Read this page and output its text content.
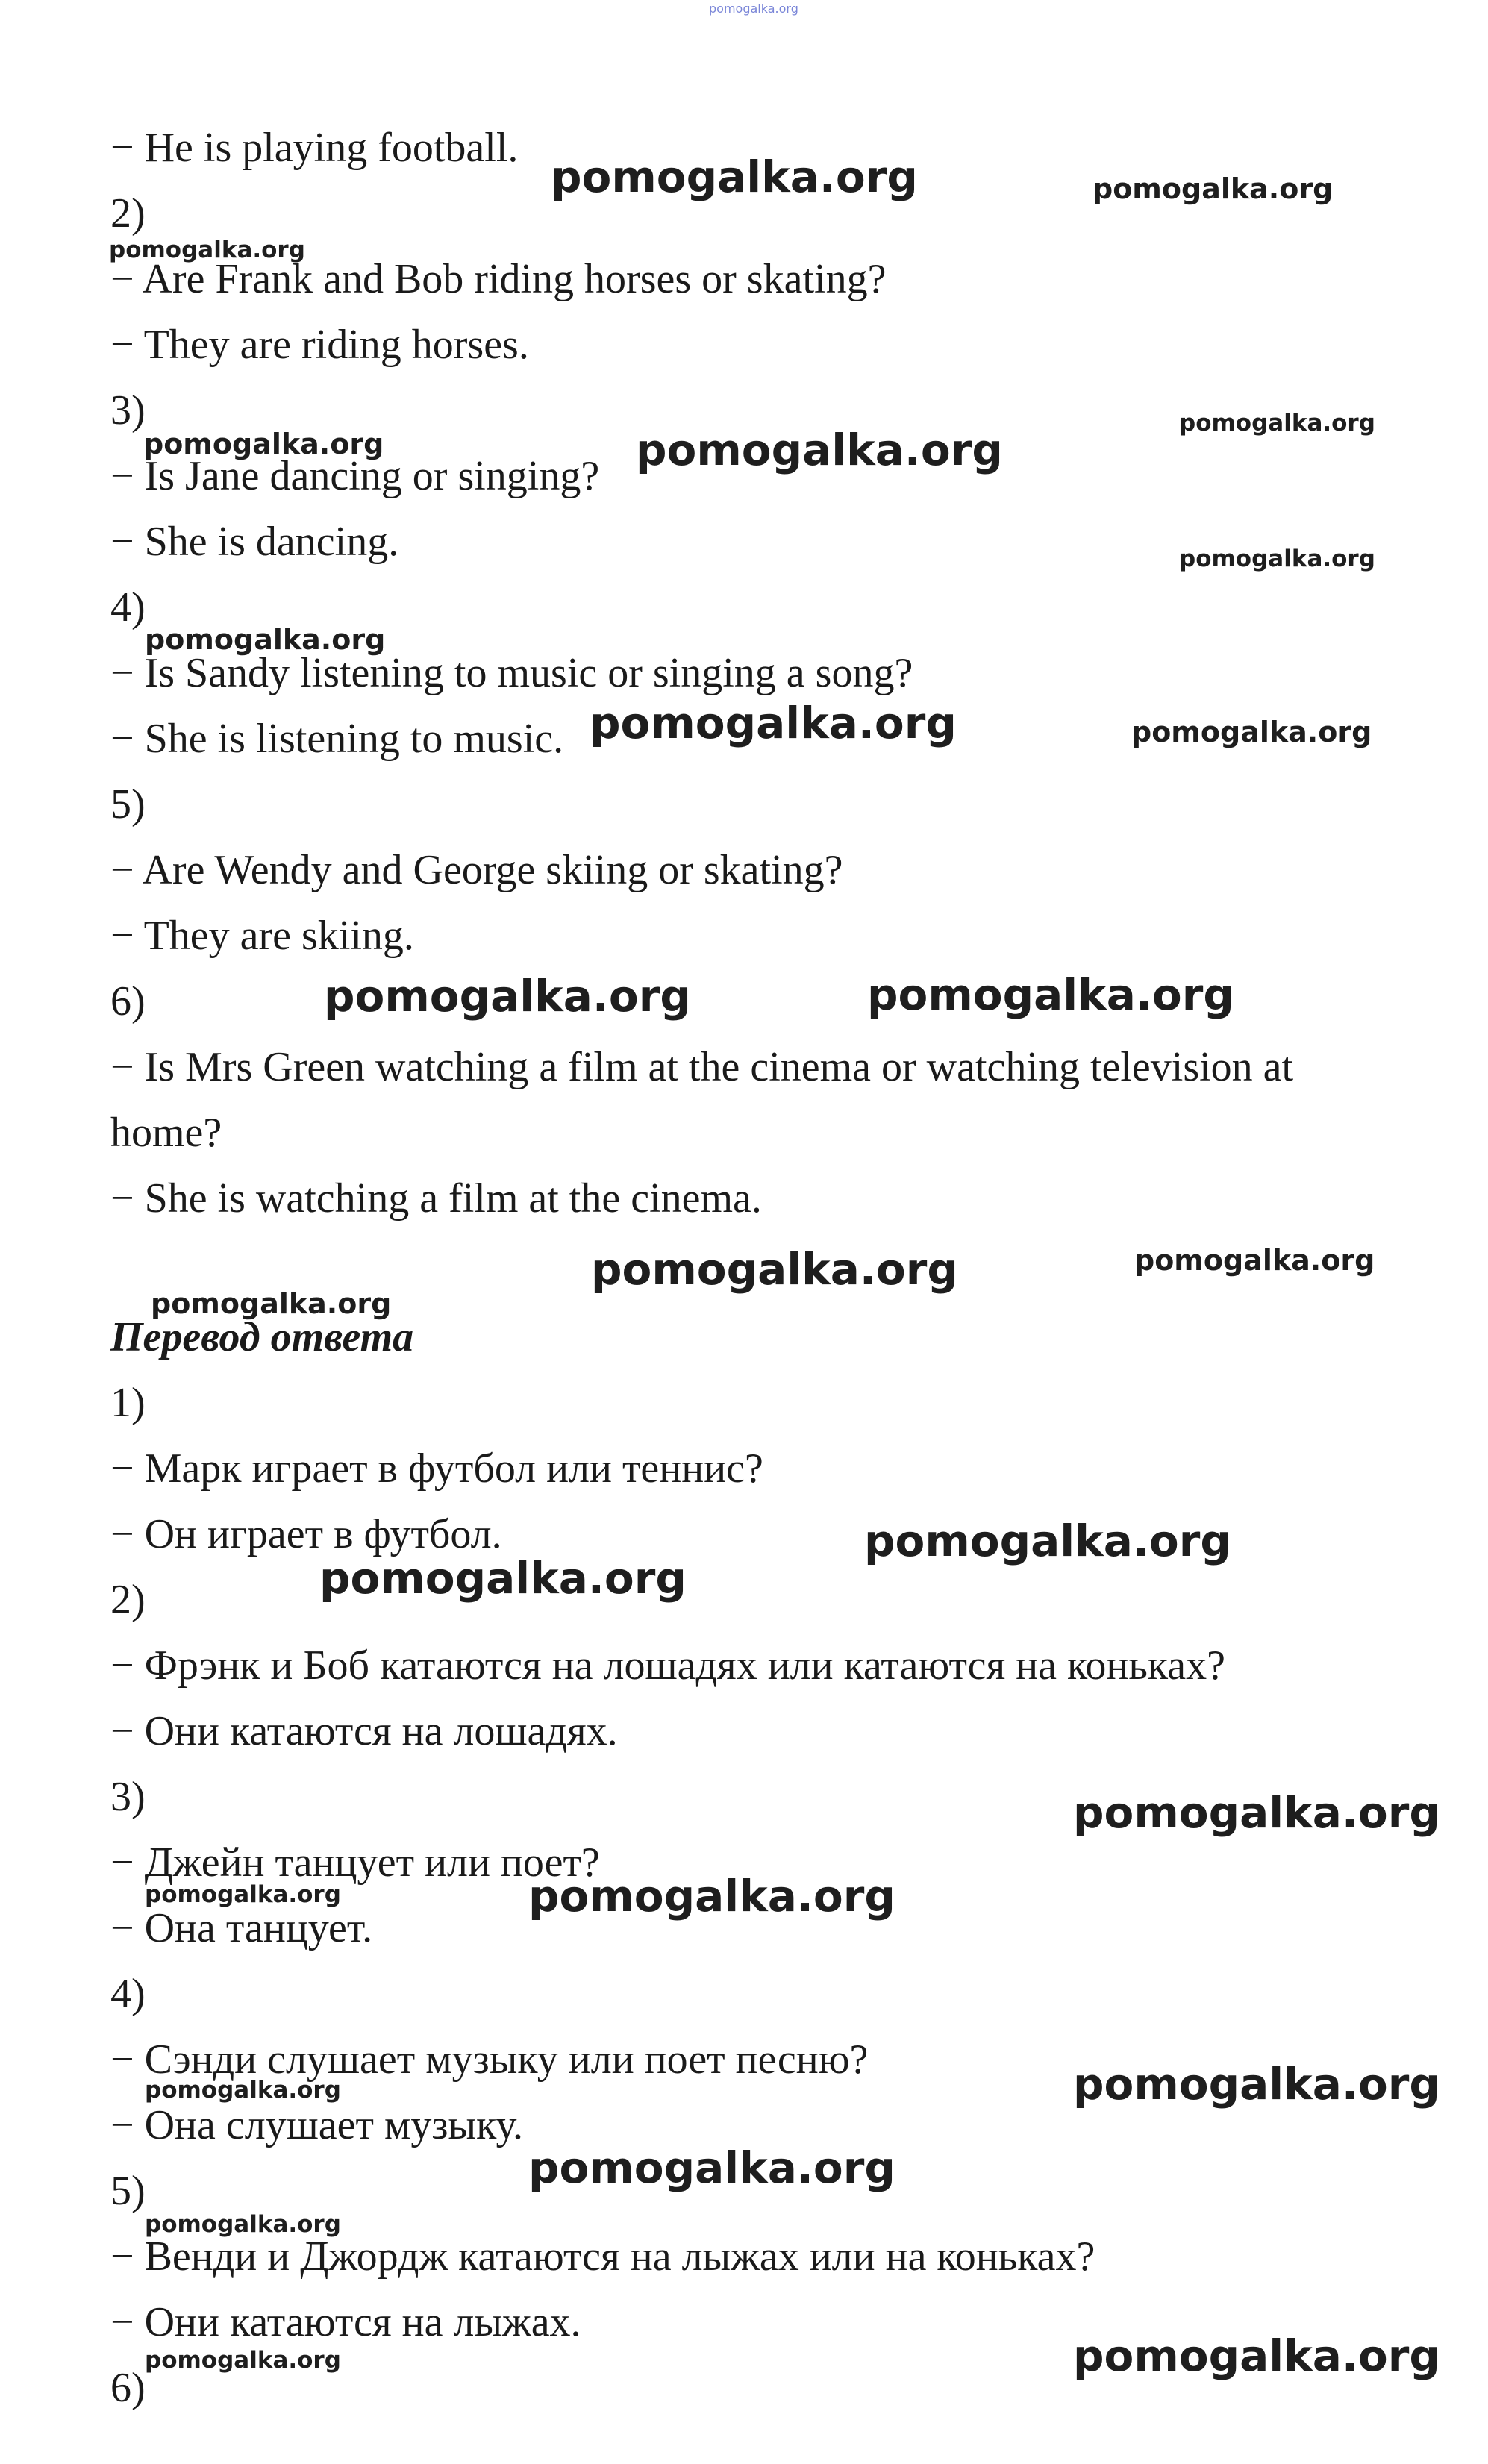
pomogalka.org
− He is playing football.
2)
− Are Frank and Bob riding horses or skating?
− They are riding horses.
3)
− Is Jane dancing or singing?
− She is dancing.
4)
− Is Sandy listening to music or singing a song?
− She is listening to music.
5)
− Are Wendy and George skiing or skating?
− They are skiing.
6)
− Is Mrs Green watching a film at the cinema or watching television at
home?
− She is watching a film at the cinema.
Перевод ответа
1)
− Марк играет в футбол или теннис?
− Он играет в футбол.
2)
− Фрэнк и Боб катаются на лошадях или катаются на коньках?
− Они катаются на лошадях.
3)
− Джейн танцует или поет?
− Она танцует.
4)
− Сэнди слушает музыку или поет песню?
− Она слушает музыку.
5)
− Венди и Джордж катаются на лыжах или на коньках?
− Они катаются на лыжах.
6)
pomogalka.org	pomogalka.org
pomogalka.org
pomogalka.org	pomogalka.org
pomogalka.org
pomogalka.org
pomogalka.org
pomogalka.org	pomogalka.org
pomogalka.org	pomogalka.org
pomogalka.org
pomogalka.org
pomogalka.org
pomogalka.org
pomogalka.org
pomogalka.org
pomogalka.org
pomogalka.org
pomogalka.org
pomogalka.org
pomogalka.org
pomogalka.org
pomogalka.org
pomogalka.org
